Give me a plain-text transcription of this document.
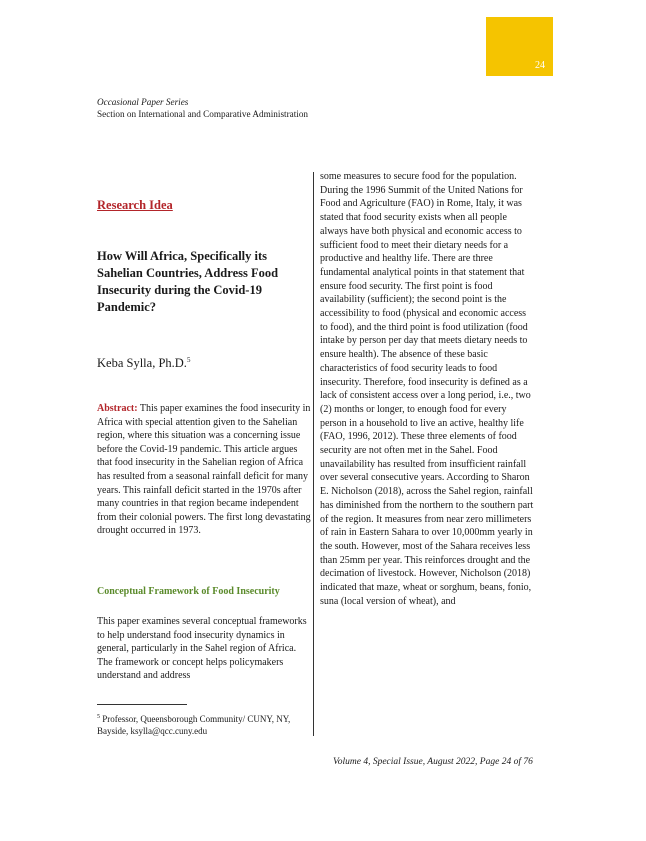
24
Occasional Paper Series
Section on International and Comparative Administration
Research Idea
How Will Africa, Specifically its Sahelian Countries, Address Food Insecurity during the Covid-19 Pandemic?
Keba Sylla, Ph.D.$^5$
Abstract: This paper examines the food insecurity in Africa with special attention given to the Sahelian region, where this situation was a concerning issue before the Covid-19 pandemic. This article argues that food insecurity in the Sahelian region of Africa has resulted from a seasonal rainfall deficit for many years. This rainfall deficit started in the 1970s after many countries in that region became independent from their colonial powers. The first long devastating drought occurred in 1973.
Conceptual Framework of Food Insecurity
This paper examines several conceptual frameworks to help understand food insecurity dynamics in general, particularly in the Sahel region of Africa. The framework or concept helps policymakers understand and address
$^5$ Professor, Queensborough Community/ CUNY, NY, Bayside, ksylla@qcc.cuny.edu

some measures to secure food for the population.

During the 1996 Summit of the United Nations for Food and Agriculture (FAO) in Rome, Italy, it was stated that food security exists when all people always have both physical and economic access to sufficient food to meet their dietary needs for a productive and healthy life. There are three fundamental analytical points in that statement that ensure food security. The first point is food availability (sufficient); the second point is the accessibility to food (physical and economic access to food), and the third point is food utilization (food intake by person per day that meets dietary needs to ensure health). The absence of these basic characteristics of food security leads to food insecurity. Therefore, food insecurity is defined as a lack of consistent access over a long period, i.e., two (2) months or longer, to enough food for every person in a household to live an active, healthy life (FAO, 1996, 2012). These three elements of food security are not often met in the Sahel. Food unavailability has resulted from insufficient rainfall over several consecutive years. According to Sharon E. Nicholson (2018), across the Sahel region, rainfall has diminished from the northern to the southern part of the region. It measures from near zero millimeters of rain in Eastern Sahara to over 10,000mm yearly in the south. However, most of the Sahara receives less than 25mm per year. This reinforces drought and the decimation of livestock. However, Nicholson (2018) indicated that maze, wheat or sorghum, beans, fonio, suna (local version of wheat), and

Volume 4, Special Issue, August 2022, Page 24 of 76
